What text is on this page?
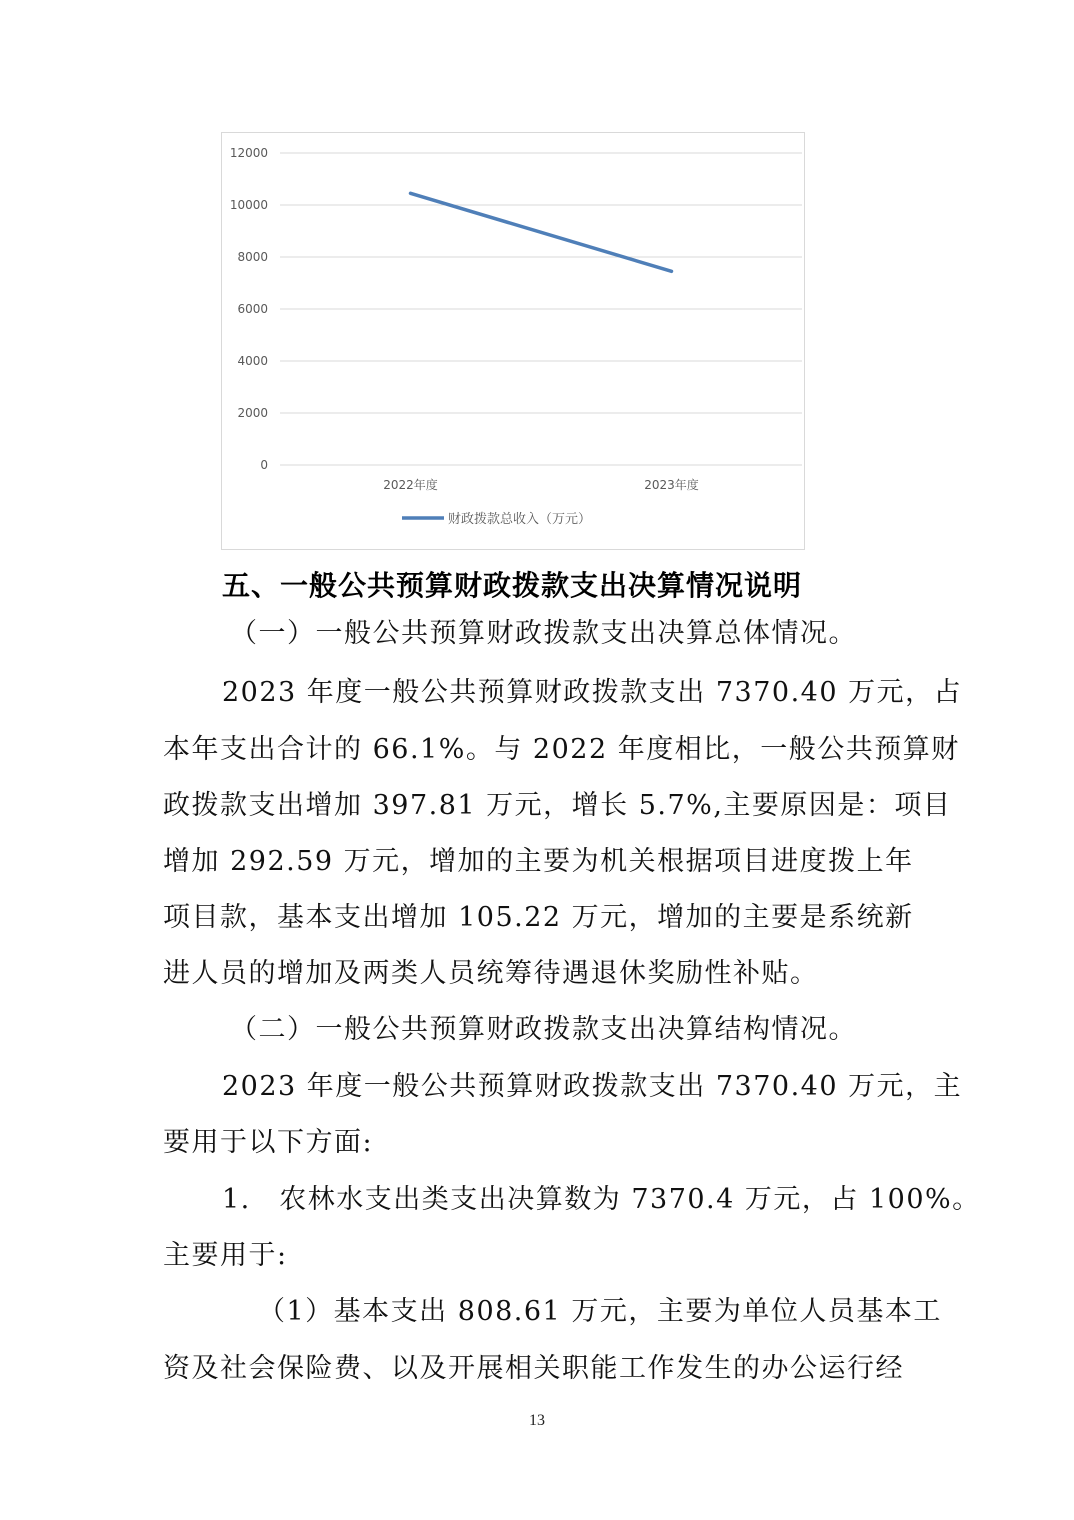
0
2000
4000
6000
8000
10000
12000
2022年度	2023年度
财政拨款总收入（万元）
五、一般公共预算财政拨款支出决算情况说明
（一）一般公共预算财政拨款支出决算总体情况。
2023 年度一般公共预算财政拨款支出 7370.40 万元，占
本年支出合计的 66.1%。与 2022 年度相比，一般公共预算财
政拨款支出增加 397.81 万元，增长 5.7%,主要原因是：项目
增加 292.59 万元，增加的主要为机关根据项目进度拨上年
项目款，基本支出增加 105.22 万元，增加的主要是系统新
进人员的增加及两类人员统筹待遇退休奖励性补贴。
（二）一般公共预算财政拨款支出决算结构情况。
2023 年度一般公共预算财政拨款支出 7370.40 万元，主
要用于以下方面:
1.　农林水支出类支出决算数为 7370.4 万元，占 100%。
主要用于:
（1）基本支出 808.61 万元，主要为单位人员基本工
资及社会保险费、以及开展相关职能工作发生的办公运行经
13
